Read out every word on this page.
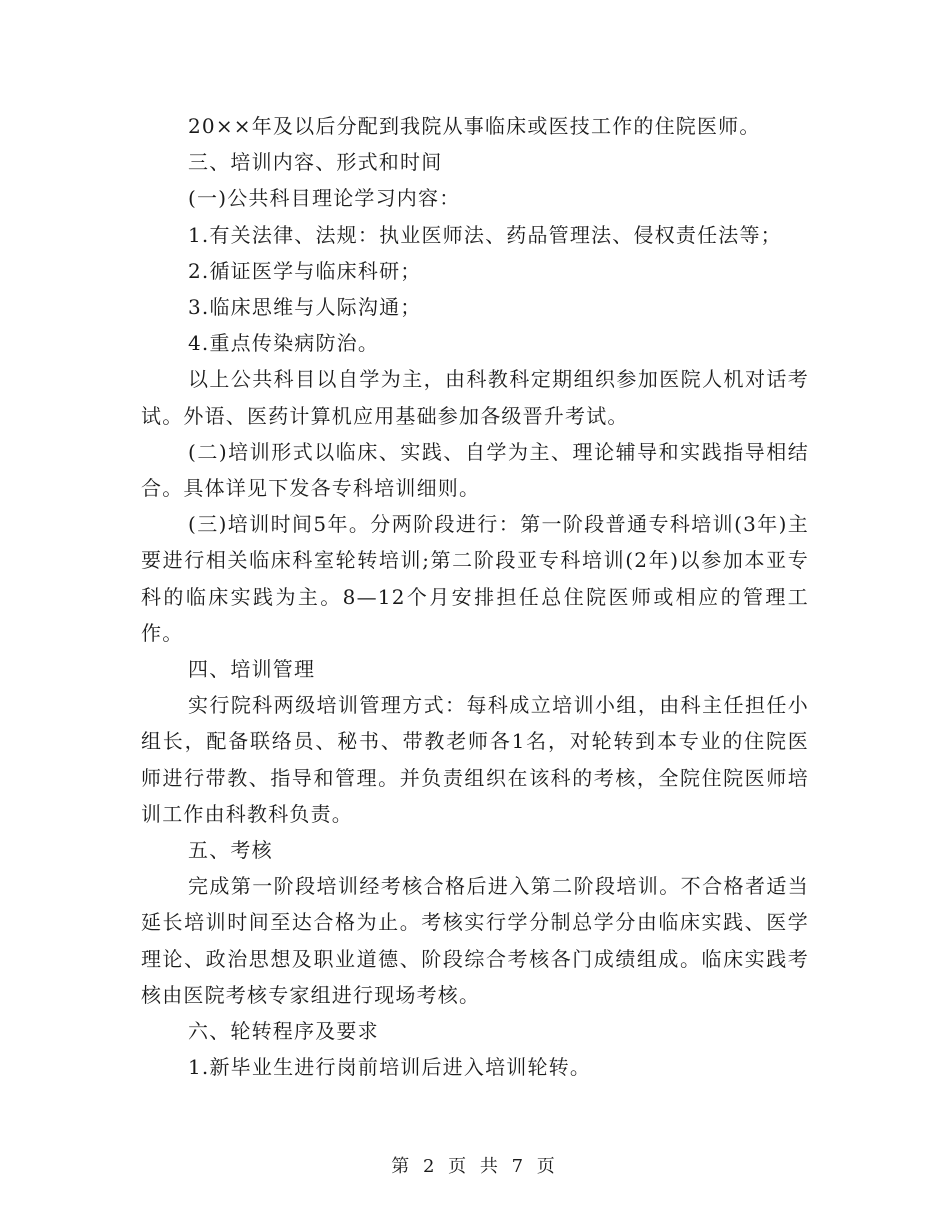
20××年及以后分配到我院从事临床或医技工作的住院医师。

三、培训内容、形式和时间

(一)公共科目理论学习内容：

1.有关法律、法规：执业医师法、药品管理法、侵权责任法等；

2.循证医学与临床科研；

3.临床思维与人际沟通；

4.重点传染病防治。

以上公共科目以自学为主，由科教科定期组织参加医院人机对话考试。外语、医药计算机应用基础参加各级晋升考试。

(二)培训形式以临床、实践、自学为主、理论辅导和实践指导相结合。具体详见下发各专科培训细则。

(三)培训时间5年。分两阶段进行：第一阶段普通专科培训(3年)主要进行相关临床科室轮转培训;第二阶段亚专科培训(2年)以参加本亚专科的临床实践为主。8—12个月安排担任总住院医师或相应的管理工作。

四、培训管理

实行院科两级培训管理方式：每科成立培训小组，由科主任担任小组长，配备联络员、秘书、带教老师各1名，对轮转到本专业的住院医师进行带教、指导和管理。并负责组织在该科的考核，全院住院医师培训工作由科教科负责。

五、考核

完成第一阶段培训经考核合格后进入第二阶段培训。不合格者适当延长培训时间至达合格为止。考核实行学分制总学分由临床实践、医学理论、政治思想及职业道德、阶段综合考核各门成绩组成。临床实践考核由医院考核专家组进行现场考核。

六、轮转程序及要求

1.新毕业生进行岗前培训后进入培训轮转。

第 2 页 共 7 页
